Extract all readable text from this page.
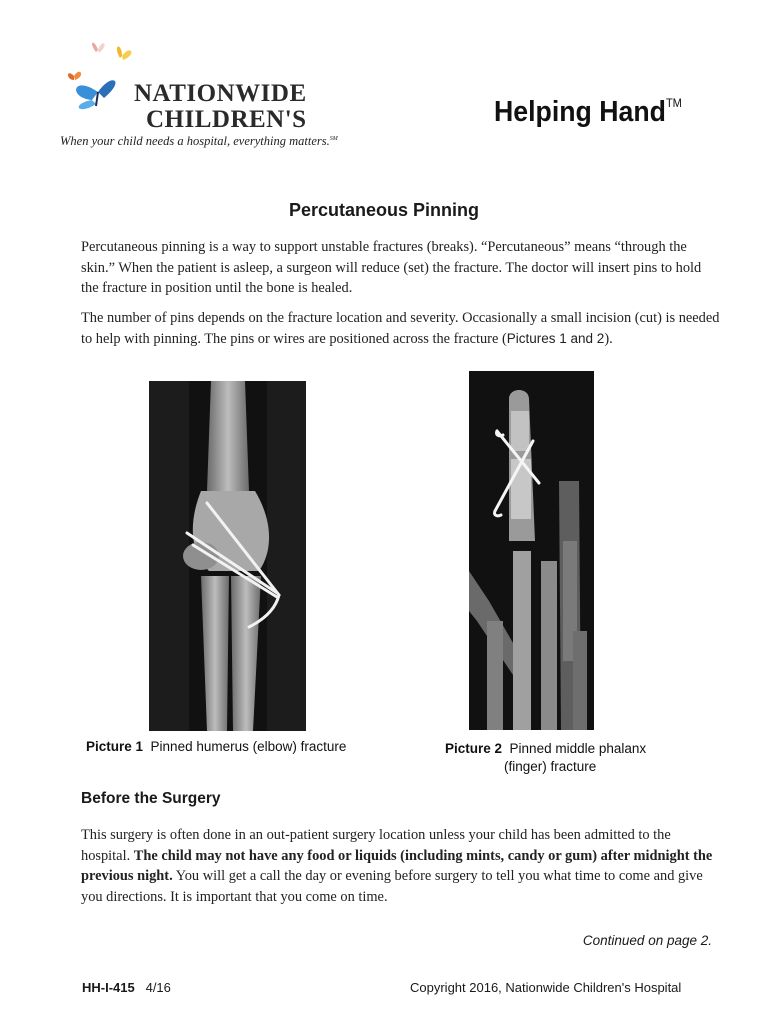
NATIONWIDE
CHILDREN'S
When your child needs a hospital, everything matters.℠
Helping Hand™
Percutaneous Pinning
Percutaneous pinning is a way to support unstable fractures (breaks). “Percutaneous” means “through the skin.” When the patient is asleep, a surgeon will reduce (set) the fracture. The doctor will insert pins to hold the fracture in position until the bone is healed.
The number of pins depends on the fracture location and severity. Occasionally a small incision (cut) is needed to help with pinning. The pins or wires are positioned across the fracture (Pictures 1 and 2).
Picture 1 Pinned humerus (elbow) fracture	Picture 2 Pinned middle phalanx
(finger) fracture
Before the Surgery
This surgery is often done in an out-patient surgery location unless your child has been admitted to the hospital. The child may not have any food or liquids (including mints, candy or gum) after midnight the previous night. You will get a call the day or evening before surgery to tell you what time to come and give you directions. It is important that you come on time.
Continued on page 2.
HH-I-415 4/16	Copyright 2016, Nationwide Children's Hospital
